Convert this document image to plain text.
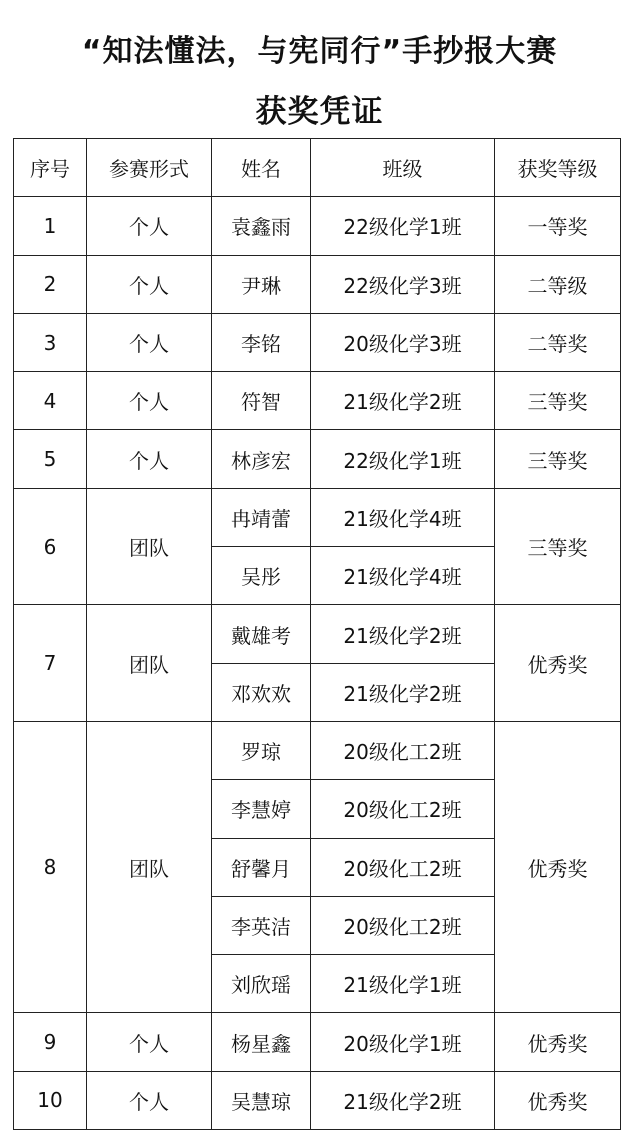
“知法懂法，与宪同行”手抄报大赛
获奖凭证
序号	参赛形式	姓名	班级	获奖等级
1	个人	袁鑫雨	22级化学1班	一等奖
2	个人	尹琳	22级化学3班	二等级
3	个人	李铭	20级化学3班	二等奖
4	个人	符智	21级化学2班	三等奖
5	个人	林彦宏	22级化学1班	三等奖
6	团队	冉靖蕾	21级化学4班	三等奖
		吴彤	21级化学4班	
7	团队	戴雄考	21级化学2班	优秀奖
		邓欢欢	21级化学2班	
8	团队	罗琼	20级化工2班	优秀奖
		李慧婷	20级化工2班	
		舒馨月	20级化工2班	
		李英洁	20级化工2班	
		刘欣瑶	21级化学1班	
9	个人	杨星鑫	20级化学1班	优秀奖
10	个人	吴慧琼	21级化学2班	优秀奖
